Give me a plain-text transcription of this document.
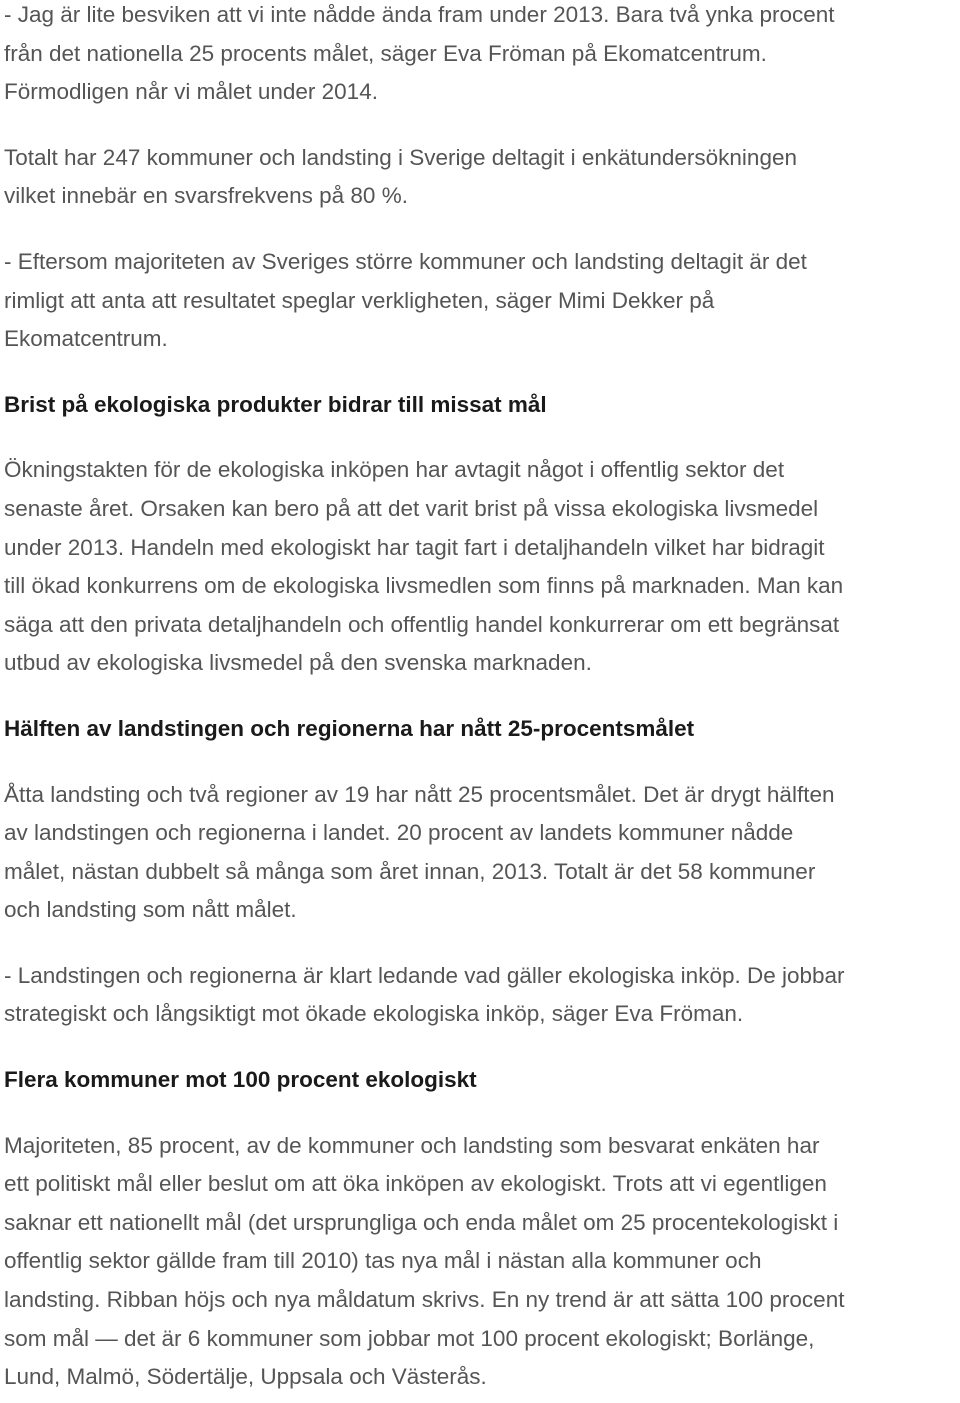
- Jag är lite besviken att vi inte nådde ända fram under 2013. Bara två ynka procent
från det nationella 25 procents målet, säger Eva Fröman på Ekomatcentrum.
Förmodligen når vi målet under 2014.

Totalt har 247 kommuner och landsting i Sverige deltagit i enkätundersökningen
vilket innebär en svarsfrekvens på 80 %.

- Eftersom majoriteten av Sveriges större kommuner och landsting deltagit är det
rimligt att anta att resultatet speglar verkligheten, säger Mimi Dekker på
Ekomatcentrum.

Brist på ekologiska produkter bidrar till missat mål

Ökningstakten för de ekologiska inköpen har avtagit något i offentlig sektor det
senaste året. Orsaken kan bero på att det varit brist på vissa ekologiska livsmedel
under 2013. Handeln med ekologiskt har tagit fart i detaljhandeln vilket har bidragit
till ökad konkurrens om de ekologiska livsmedlen som finns på marknaden. Man kan
säga att den privata detaljhandeln och offentlig handel konkurrerar om ett begränsat
utbud av ekologiska livsmedel på den svenska marknaden.

Hälften av landstingen och regionerna har nått 25-procentsmålet

Åtta landsting och två regioner av 19 har nått 25 procentsmålet. Det är drygt hälften
av landstingen och regionerna i landet. 20 procent av landets kommuner nådde
målet, nästan dubbelt så många som året innan, 2013. Totalt är det 58 kommuner
och landsting som nått målet.

- Landstingen och regionerna är klart ledande vad gäller ekologiska inköp. De jobbar
strategiskt och långsiktigt mot ökade ekologiska inköp, säger Eva Fröman.

Flera kommuner mot 100 procent ekologiskt

Majoriteten, 85 procent, av de kommuner och landsting som besvarat enkäten har
ett politiskt mål eller beslut om att öka inköpen av ekologiskt. Trots att vi egentligen
saknar ett nationellt mål (det ursprungliga och enda målet om 25 procentekologiskt i
offentlig sektor gällde fram till 2010) tas nya mål i nästan alla kommuner och
landsting. Ribban höjs och nya måldatum skrivs. En ny trend är att sätta 100 procent
som mål — det är 6 kommuner som jobbar mot 100 procent ekologiskt; Borlänge,
Lund, Malmö, Södertälje, Uppsala och Västerås.
